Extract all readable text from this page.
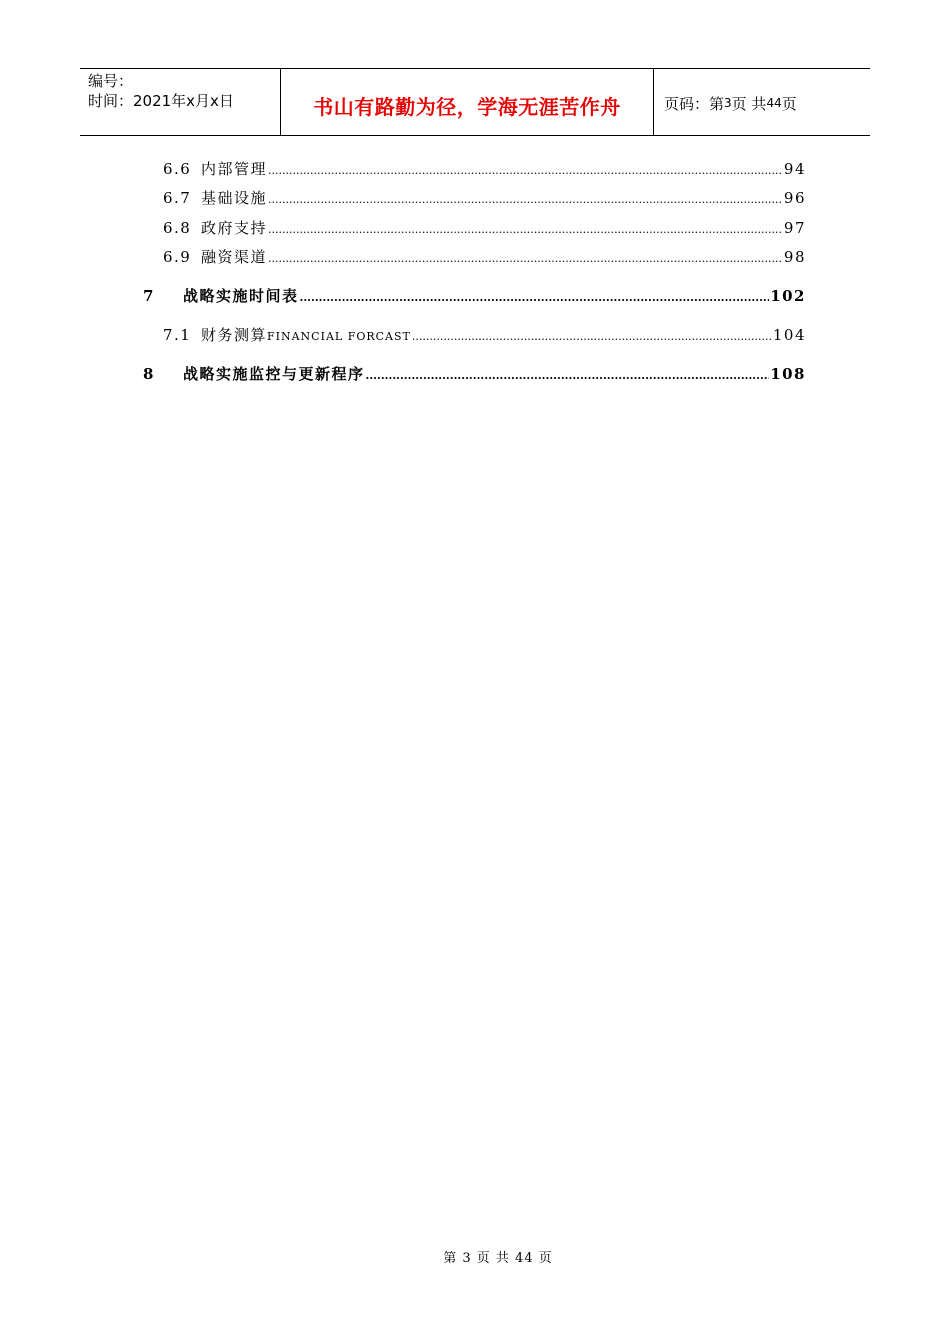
编号：
时间：2021年x月x日	书山有路勤为径，学海无涯苦作舟	页码：第 3 页 共 44 页
6.6 内部管理 .....	94
6.7 基础设施 .....	96
6.8 政府支持 .....	97
6.9 融资渠道 .....	98
7	战略实施时间表 .....	102
7.1 财务测算FINANCIAL FORCAST .....	104
8	战略实施监控与更新程序 .....	108
第 3 页 共 44 页
